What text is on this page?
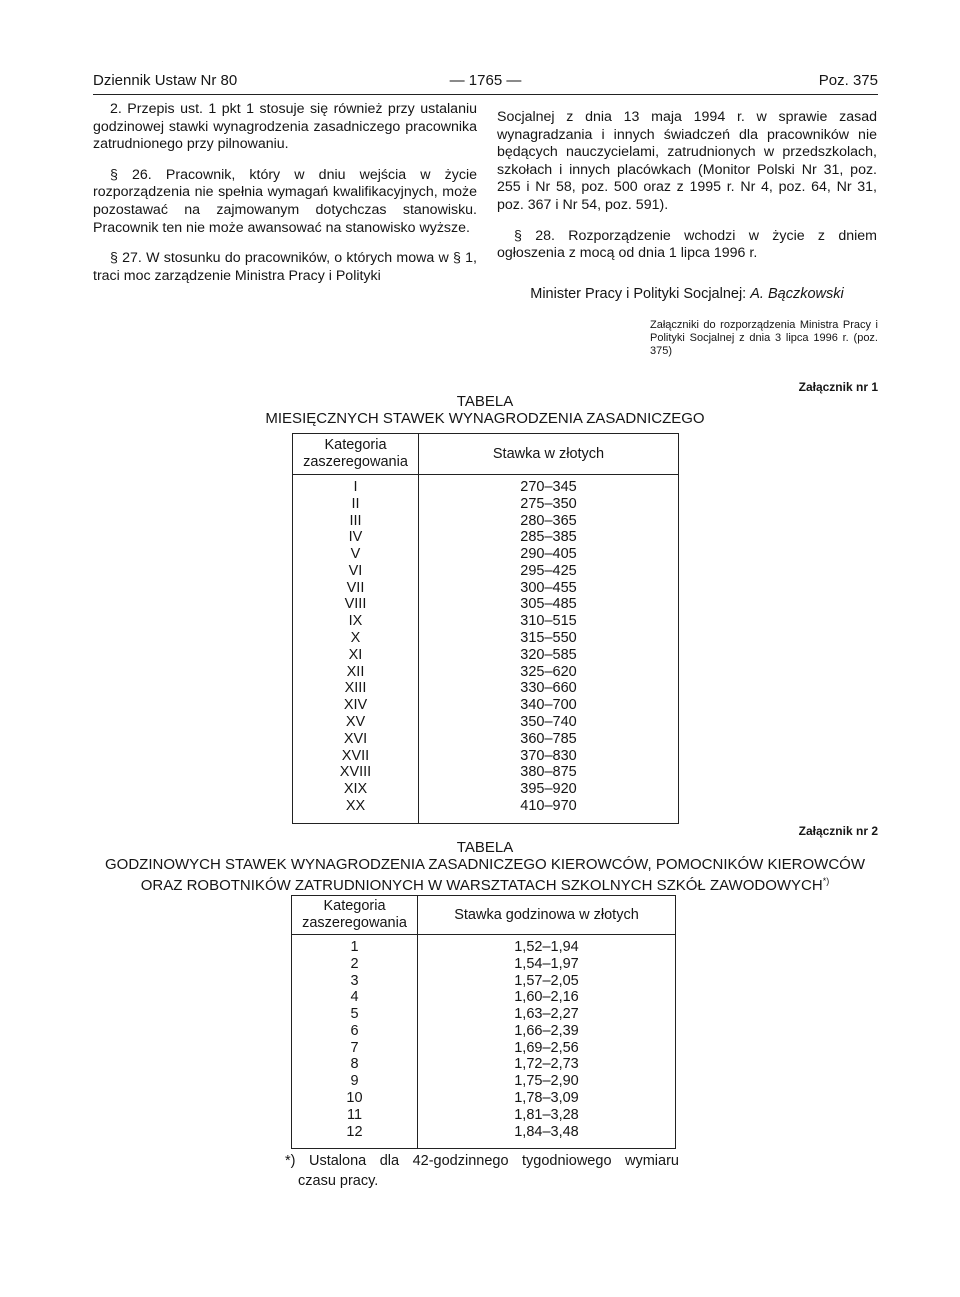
Dziennik Ustaw Nr 80	— 1765 —	Poz. 375

2. Przepis ust. 1 pkt 1 stosuje się również przy ustalaniu godzinowej stawki wynagrodzenia zasadniczego pracownika zatrudnionego przy pilnowaniu.

§ 26. Pracownik, który w dniu wejścia w życie rozporządzenia nie spełnia wymagań kwalifikacyjnych, może pozostawać na zajmowanym dotychczas stanowisku. Pracownik ten nie może awansować na stanowisko wyższe.

§ 27. W stosunku do pracowników, o których mowa w § 1, traci moc zarządzenie Ministra Pracy i Polityki

Socjalnej z dnia 13 maja 1994 r. w sprawie zasad wynagradzania i innych świadczeń dla pracowników nie będących nauczycielami, zatrudnionych w przedszkolach, szkołach i innych placówkach (Monitor Polski Nr 31, poz. 255 i Nr 58, poz. 500 oraz z 1995 r. Nr 4, poz. 64, Nr 31, poz. 367 i Nr 54, poz. 591).

§ 28. Rozporządzenie wchodzi w życie z dniem ogłoszenia z mocą od dnia 1 lipca 1996 r.

Minister Pracy i Polityki Socjalnej: A. Bączkowski
Załączniki do rozporządzenia Ministra Pracy i Polityki Socjalnej z dnia 3 lipca 1996 r. (poz. 375)
Załącznik nr 1
TABELA
MIESIĘCZNYCH STAWEK WYNAGRODZENIA ZASADNICZEGO
Kategoria zaszeregowania	Stawka w złotych

I	270–345
II	275–350
III	280–365
IV	285–385
V	290–405
VI	295–425
VII	300–455
VIII	305–485
IX	310–515
X	315–550
XI	320–585
XII	325–620
XIII	330–660
XIV	340–700
XV	350–740
XVI	360–785
XVII	370–830
XVIII	380–875
XIX	395–920
XX	410–970

Załącznik nr 2
TABELA
GODZINOWYCH STAWEK WYNAGRODZENIA ZASADNICZEGO KIEROWCÓW, POMOCNIKÓW KIEROWCÓW
ORAZ ROBOTNIKÓW ZATRUDNIONYCH W WARSZTATACH SZKOLNYCH SZKÓŁ ZAWODOWYCH*)
Kategoria zaszeregowania	Stawka godzinowa w złotych

1	1,52–1,94
2	1,54–1,97
3	1,57–2,05
4	1,60–2,16
5	1,63–2,27
6	1,66–2,39
7	1,69–2,56
8	1,72–2,73
9	1,75–2,90
10	1,78–3,09
11	1,81–3,28
12	1,84–3,48

*) Ustalona dla 42-godzinnego tygodniowego wymiaru
czasu pracy.
